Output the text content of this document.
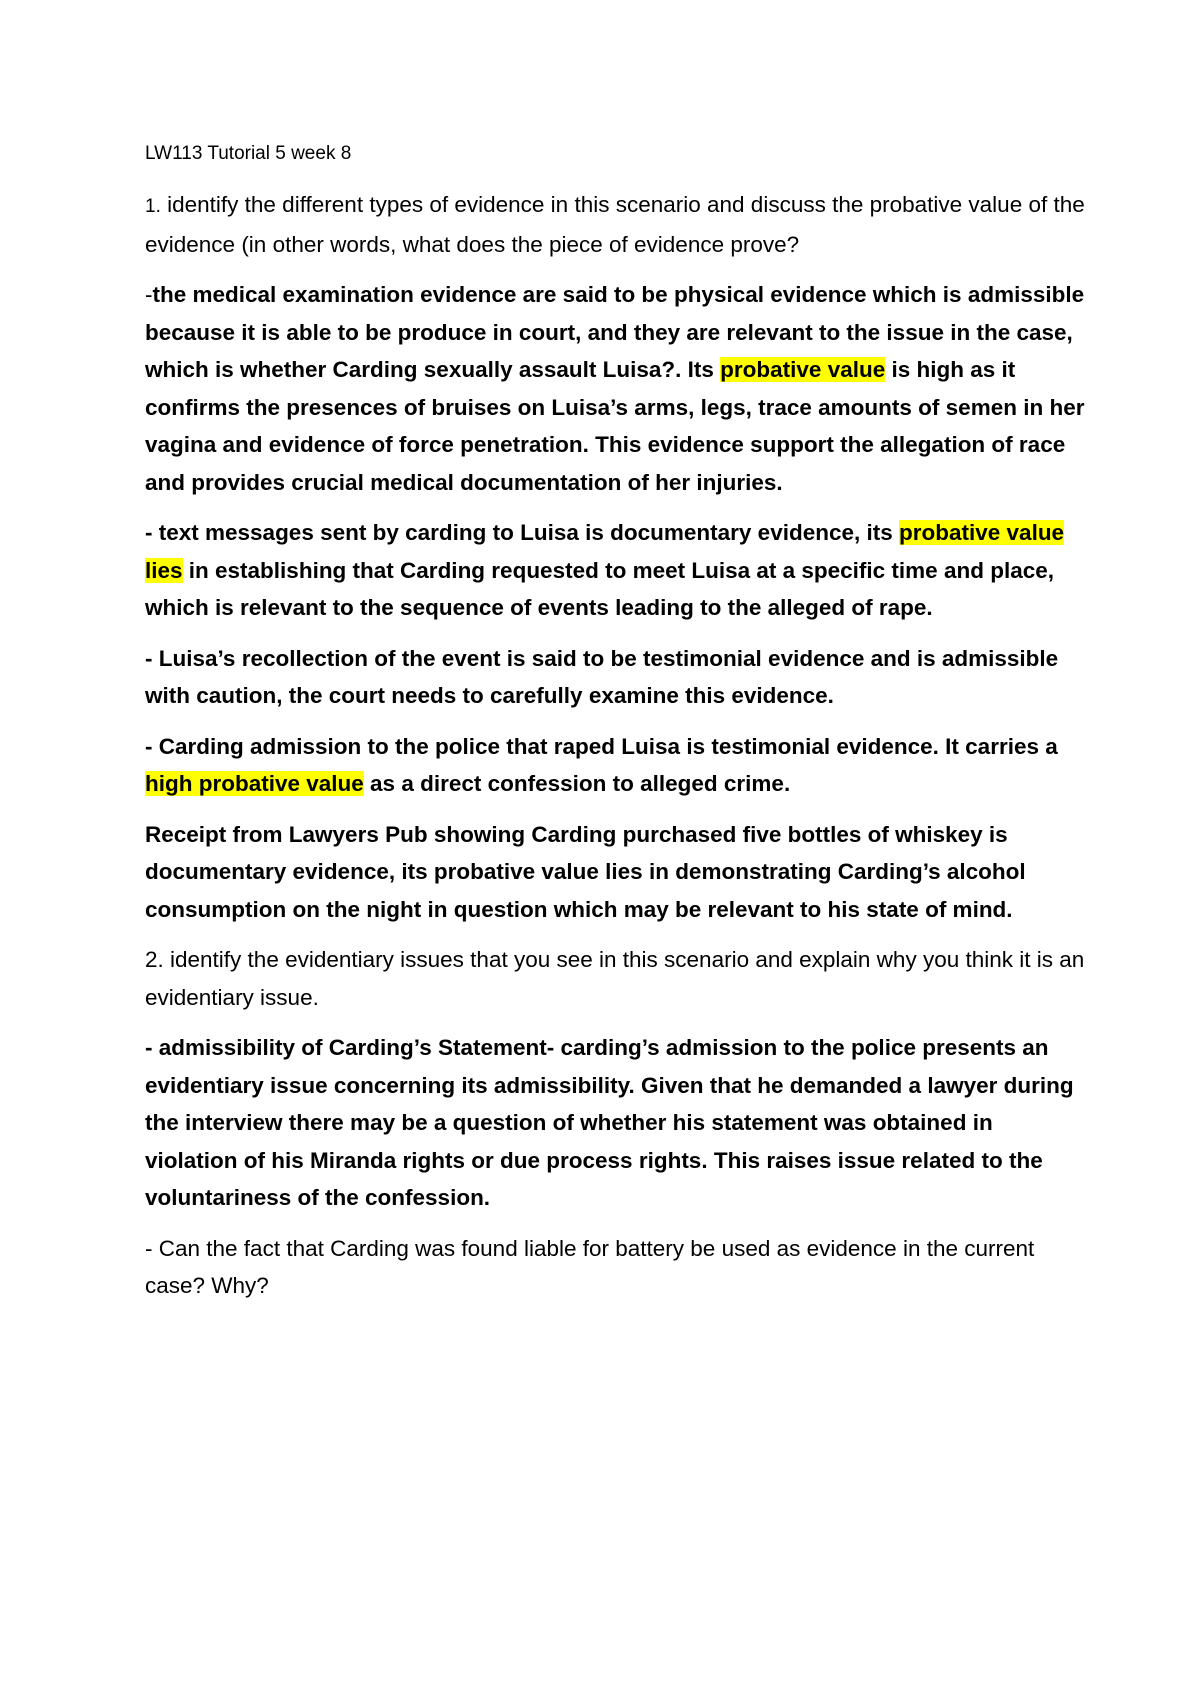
LW113 Tutorial 5 week 8

1. identify the different types of evidence in this scenario and discuss the probative value of the evidence (in other words, what does the piece of evidence prove?

-the medical examination evidence are said to be physical evidence which is admissible because it is able to be produce in court, and they are relevant to the issue in the case, which is whether Carding sexually assault Luisa?. Its probative value is high as it confirms the presences of bruises on Luisa’s arms, legs, trace amounts of semen in her vagina and evidence of force penetration. This evidence support the allegation of race and provides crucial medical documentation of her injuries.

- text messages sent by carding to Luisa is documentary evidence, its probative value lies in establishing that Carding requested to meet Luisa at a specific time and place, which is relevant to the sequence of events leading to the alleged of rape.

- Luisa’s recollection of the event is said to be testimonial evidence and is admissible with caution, the court needs to carefully examine this evidence.

- Carding admission to the police that raped Luisa is testimonial evidence. It carries a high probative value as a direct confession to alleged crime.

Receipt from Lawyers Pub showing Carding purchased five bottles of whiskey is documentary evidence, its probative value lies in demonstrating Carding’s alcohol consumption on the night in question which may be relevant to his state of mind.

2. identify the evidentiary issues that you see in this scenario and explain why you think it is an evidentiary issue.

- admissibility of Carding’s Statement- carding’s admission to the police presents an evidentiary issue concerning its admissibility. Given that he demanded a lawyer during the interview there may be a question of whether his statement was obtained in violation of his Miranda rights or due process rights. This raises issue related to the voluntariness of the confession.

- Can the fact that Carding was found liable for battery be used as evidence in the current case? Why?
